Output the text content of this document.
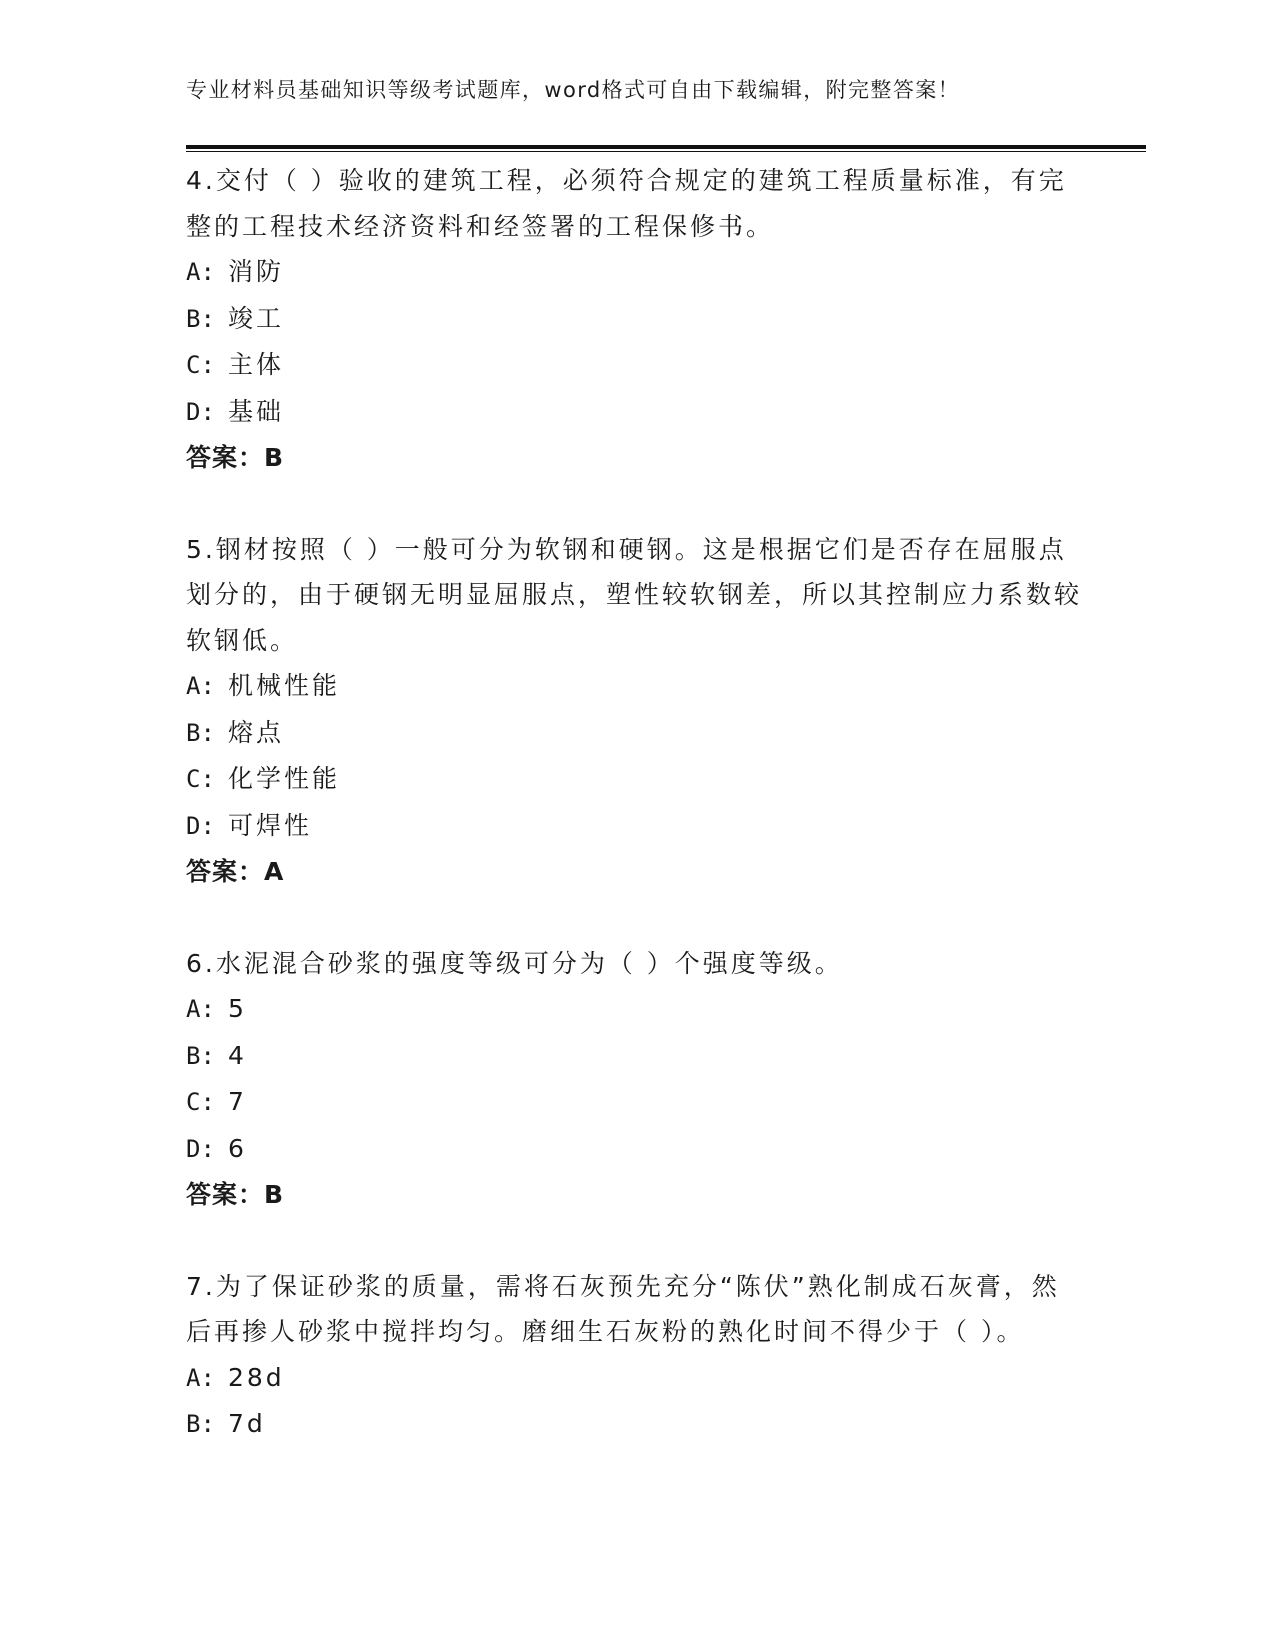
专业材料员基础知识等级考试题库，word格式可自由下载编辑，附完整答案！

4.交付（ ）验收的建筑工程，必须符合规定的建筑工程质量标准，有完整的工程技术经济资料和经签署的工程保修书。

A: 消防

B: 竣工

C: 主体

D: 基础

答案：B

5.钢材按照（ ）一般可分为软钢和硬钢。这是根据它们是否存在屈服点划分的，由于硬钢无明显屈服点，塑性较软钢差，所以其控制应力系数较软钢低。

A: 机械性能

B: 熔点

C: 化学性能

D: 可焊性

答案：A

6.水泥混合砂浆的强度等级可分为（ ）个强度等级。

A: 5

B: 4

C: 7

D: 6

答案：B

7.为了保证砂浆的质量，需将石灰预先充分“陈伏”熟化制成石灰膏，然后再掺人砂浆中搅拌均匀。磨细生石灰粉的熟化时间不得少于（ ）。

A: 28d

B: 7d
